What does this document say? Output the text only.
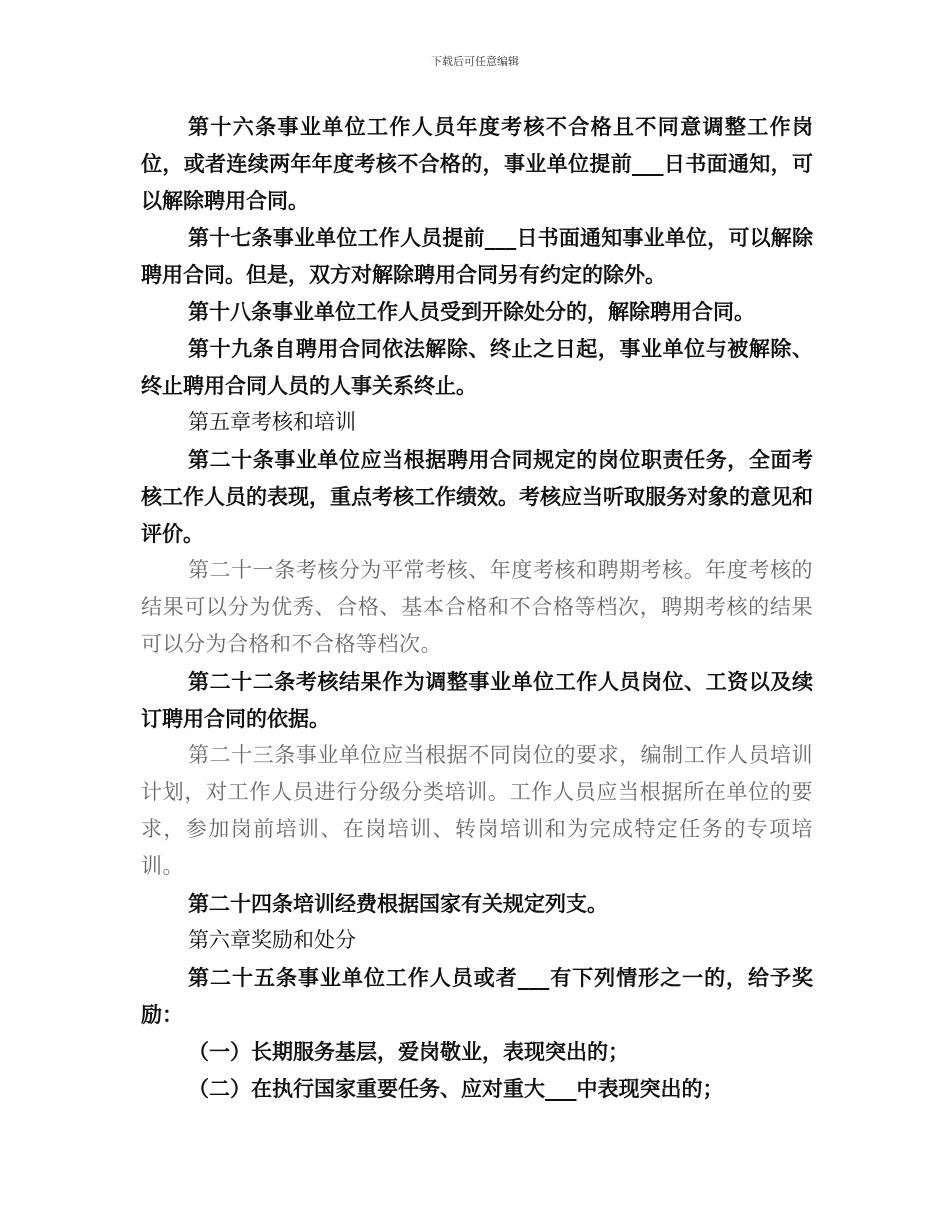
下载后可任意编辑

第十六条事业单位工作人员年度考核不合格且不同意调整工作岗位，或者连续两年年度考核不合格的，事业单位提前___日书面通知，可以解除聘用合同。

第十七条事业单位工作人员提前___日书面通知事业单位，可以解除聘用合同。但是，双方对解除聘用合同另有约定的除外。

第十八条事业单位工作人员受到开除处分的，解除聘用合同。

第十九条自聘用合同依法解除、终止之日起，事业单位与被解除、终止聘用合同人员的人事关系终止。

第五章考核和培训

第二十条事业单位应当根据聘用合同规定的岗位职责任务，全面考核工作人员的表现，重点考核工作绩效。考核应当听取服务对象的意见和评价。

第二十一条考核分为平常考核、年度考核和聘期考核。年度考核的结果可以分为优秀、合格、基本合格和不合格等档次，聘期考核的结果可以分为合格和不合格等档次。

第二十二条考核结果作为调整事业单位工作人员岗位、工资以及续订聘用合同的依据。

第二十三条事业单位应当根据不同岗位的要求，编制工作人员培训计划，对工作人员进行分级分类培训。工作人员应当根据所在单位的要求，参加岗前培训、在岗培训、转岗培训和为完成特定任务的专项培训。

第二十四条培训经费根据国家有关规定列支。

第六章奖励和处分

第二十五条事业单位工作人员或者___有下列情形之一的，给予奖励：

（一）长期服务基层，爱岗敬业，表现突出的；

（二）在执行国家重要任务、应对重大___中表现突出的；
